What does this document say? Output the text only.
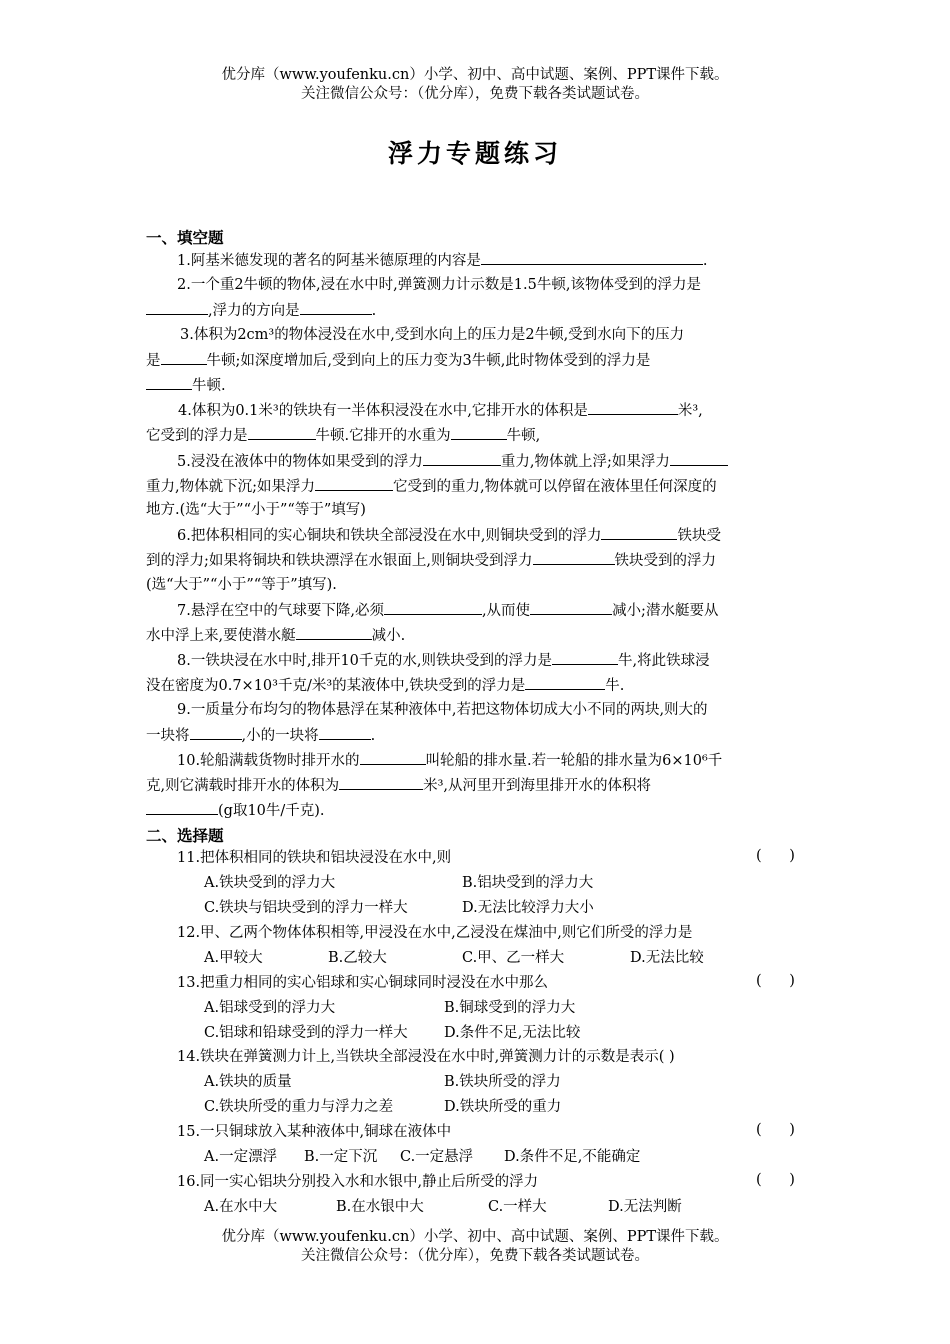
优分库（www.youfenku.cn）小学、初中、高中试题、案例、PPT课件下载。
关注微信公众号：（优分库），免费下载各类试题试卷。
浮力专题练习
一、填空题
1.阿基米德发现的著名的阿基米德原理的内容是	.
2.一个重2牛顿的物体,浸在水中时,弹簧测力计示数是1.5牛顿,该物体受到的浮力是
,浮力的方向是	.
3.体积为2cm³的物体浸没在水中,受到水向上的压力是2牛顿,受到水向下的压力
是	牛顿;如深度增加后,受到向上的压力变为3牛顿,此时物体受到的浮力是
牛顿.
4.体积为0.1米³的铁块有一半体积浸没在水中,它排开水的体积是	米³,
它受到的浮力是	牛顿.它排开的水重为	牛顿,
5.浸没在液体中的物体如果受到的浮力	重力,物体就上浮;如果浮力
重力,物体就下沉;如果浮力	它受到的重力,物体就可以停留在液体里任何深度的
地方.(选“大于”“小于”“等于”填写)
6.把体积相同的实心铜块和铁块全部浸没在水中,则铜块受到的浮力	铁块受
到的浮力;如果将铜块和铁块漂浮在水银面上,则铜块受到浮力	铁块受到的浮力
(选“大于”“小于”“等于”填写).
7.悬浮在空中的气球要下降,必须	,从而使	减小;潜水艇要从
水中浮上来,要使潜水艇	减小.
8.一铁块浸在水中时,排开10千克的水,则铁块受到的浮力是	牛,将此铁球浸
没在密度为0.7×10³千克/米³的某液体中,铁块受到的浮力是	牛.
9.一质量分布均匀的物体悬浮在某种液体中,若把这物体切成大小不同的两块,则大的
一块将	,小的一块将	.
10.轮船满载货物时排开水的	叫轮船的排水量.若一轮船的排水量为6×10⁶千
克,则它满载时排开水的体积为	米³,从河里开到海里排开水的体积将
(g取10牛/千克).
二、选择题
11.把体积相同的铁块和铝块浸没在水中,则	(      )
A.铁块受到的浮力大	B.铝块受到的浮力大
C.铁块与铝块受到的浮力一样大	D.无法比较浮力大小
12.甲、乙两个物体体积相等,甲浸没在水中,乙浸没在煤油中,则它们所受的浮力是
A.甲较大	B.乙较大	C.甲、乙一样大	D.无法比较
13.把重力相同的实心铝球和实心铜球同时浸没在水中那么	(      )
A.铝球受到的浮力大	B.铜球受到的浮力大
C.铝球和铅球受到的浮力一样大	D.条件不足,无法比较
14.铁块在弹簧测力计上,当铁块全部浸没在水中时,弹簧测力计的示数是表示( )
A.铁块的质量	B.铁块所受的浮力
C.铁块所受的重力与浮力之差	D.铁块所受的重力
15.一只铜球放入某种液体中,铜球在液体中	(      )
A.一定漂浮 B.一定下沉 C.一定悬浮 D.条件不足,不能确定
16.同一实心铝块分别投入水和水银中,静止后所受的浮力	(      )
A.在水中大	B.在水银中大	C.一样大	D.无法判断
优分库（www.youfenku.cn）小学、初中、高中试题、案例、PPT课件下载。
关注微信公众号：（优分库），免费下载各类试题试卷。
